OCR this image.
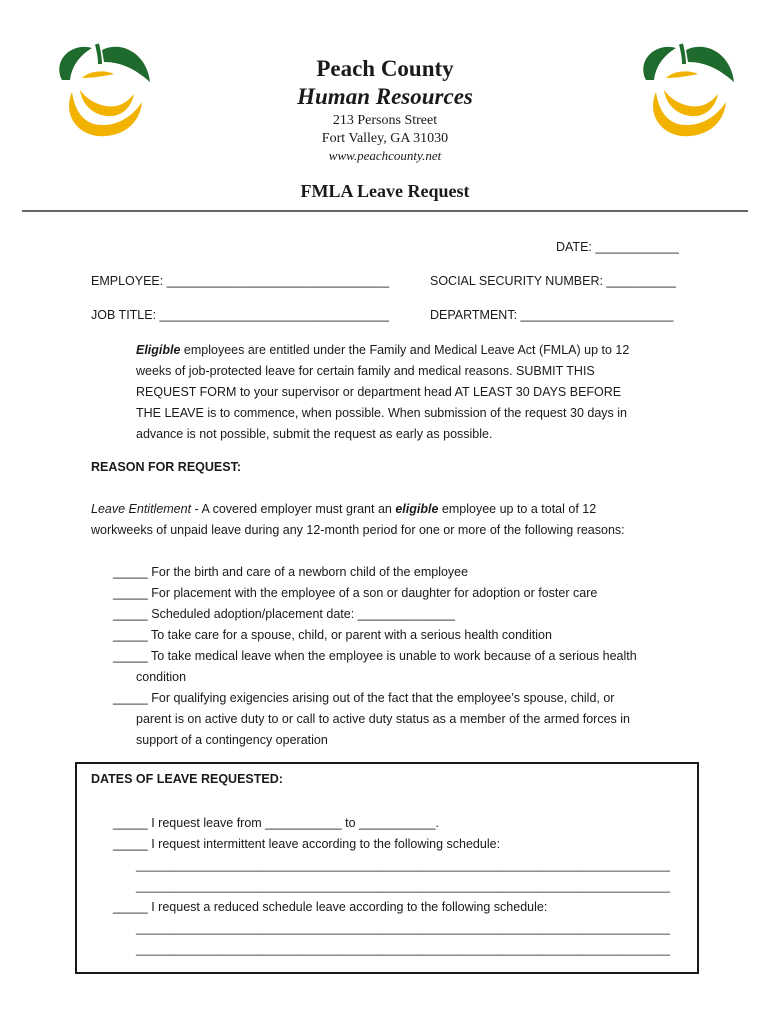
Peach County
Human Resources
213 Persons Street
Fort Valley, GA 31030
www.peachcounty.net
FMLA Leave Request
DATE: ____________
EMPLOYEE: ________________________________	SOCIAL SECURITY NUMBER: __________
JOB TITLE: _________________________________	DEPARTMENT: ______________________
Eligible employees are entitled under the Family and Medical Leave Act (FMLA) up to 12 weeks of job-protected leave for certain family and medical reasons. SUBMIT THIS REQUEST FORM to your supervisor or department head AT LEAST 30 DAYS BEFORE THE LEAVE is to commence, when possible. When submission of the request 30 days in advance is not possible, submit the request as early as possible.
REASON FOR REQUEST:
Leave Entitlement - A covered employer must grant an eligible employee up to a total of 12
workweeks of unpaid leave during any 12-month period for one or more of the following reasons:
_____ For the birth and care of a newborn child of the employee
_____ For placement with the employee of a son or daughter for adoption or foster care
_____ Scheduled adoption/placement date: ______________
_____ To take care for a spouse, child, or parent with a serious health condition
_____ To take medical leave when the employee is unable to work because of a serious health
condition
_____ For qualifying exigencies arising out of the fact that the employee’s spouse, child, or
parent is on active duty to or call to active duty status as a member of the armed forces in
support of a contingency operation
DATES OF LEAVE REQUESTED:
_____ I request leave from ___________ to ___________.
_____ I request intermittent leave according to the following schedule:
________________________________________________________________________________
________________________________________________________________________________
_____ I request a reduced schedule leave according to the following schedule:
________________________________________________________________________________
________________________________________________________________________________
